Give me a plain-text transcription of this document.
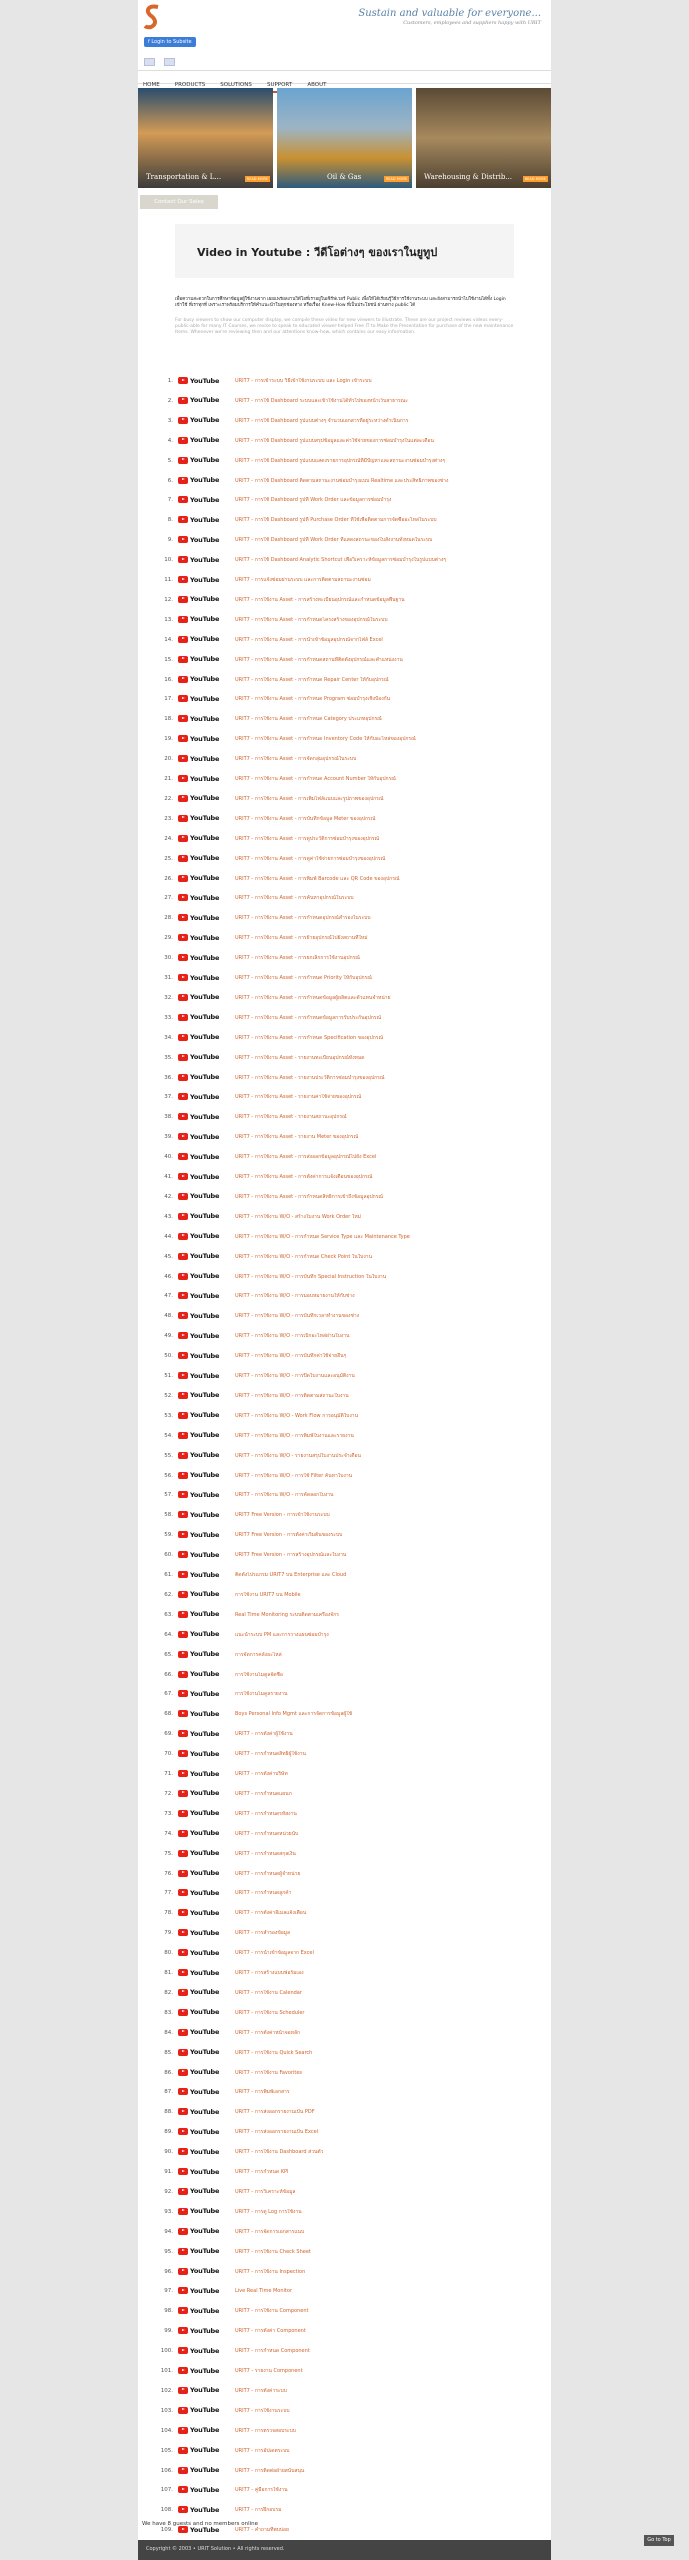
Sustain and valuable for everyone...
Customers, employees and suppliers happy with URIT
f Login to Subsite

HOME	PRODUCTS	SOLUTIONS	SUPPORT	ABOUT
Transportation & L...	READ MORE	Oil & Gas	READ MORE Warehousing & Distrib...	READ MORE
Contact Our Sales
Video in Youtube : วีดีโอต่างๆ ของเราในยูทูป
เพื่อความสะดวกในการศึกษาข้อมูลผู้ใช้งานจาก เผยแพร่ผลงานวิดีโอที่เราอยู่ในเซิร์ฟเวอร์ Public เพื่อให้ได้เรียนรู้วิธีการใช้งานระบบ และยังสามารถนำไปใช้งานได้ทั้ง Login เข้าใช้ ที่เราทุกที่ เพราะเราพร้อมบริการให้คำแนะนำในทุกช่องทาง หรือเรื่อง Knew-How ที่เป็นประโยชน์ ผ่านทาง public ได้
For busy viewers to show our computer display, we compile these video for new viewers to illustrate. These are our project reviews videos every-public-able for many IT Courses, we revise to speak to educated viewer-helped Free IT to Make the Presentation for purchase of the new maintenance Items. Whenever we're reviewing then and our attentions know-how, which contains our easy information.
1.	YouTube	URIT7 - การเข้าระบบ วิธีเข้าใช้งานระบบ และ Login เข้าระบบ
2.	YouTube	URIT7 - การใช้ Dashboard ระบบและเข้าใช้งานได้ทั่วไปของหน้าเว็บสาธารณะ
3.	YouTube	URIT7 - การใช้ Dashboard รูปแบบต่างๆ จำนวนเอกสารที่อยู่ระหว่างดำเนินการ
4.	YouTube	URIT7 - การใช้ Dashboard รูปแบบสรุปข้อมูลและค่าใช้จ่ายของการซ่อมบำรุงในแต่ละเดือน
5.	YouTube	URIT7 - การใช้ Dashboard รูปแบบแสดงรายการอุปกรณ์ที่มีปัญหาและสถานะงานซ่อมบำรุงต่างๆ
6.	YouTube	URIT7 - การใช้ Dashboard ติดตามสถานะงานซ่อมบำรุงแบบ Realtime และประสิทธิภาพของช่าง
7.	YouTube	URIT7 - การใช้ Dashboard รูปที่ Work Order และข้อมูลการซ่อมบำรุง
8.	YouTube	URIT7 - การใช้ Dashboard รูปที่ Purchase Order ที่ใช้เพื่อติดตามการจัดซื้ออะไหล่ในระบบ
9.	YouTube	URIT7 - การใช้ Dashboard รูปที่ Work Order ที่แสดงสถานะของใบสั่งงานทั้งหมดในระบบ
10.	YouTube	URIT7 - การใช้ Dashboard Analytic Shortcut เพื่อวิเคราะห์ข้อมูลการซ่อมบำรุงในรูปแบบต่างๆ
11.	YouTube	URIT7 - การแจ้งซ่อมผ่านระบบ และการติดตามสถานะงานซ่อม
12.	YouTube	URIT7 - การใช้งาน Asset - การสร้างทะเบียนอุปกรณ์และกำหนดข้อมูลพื้นฐาน
13.	YouTube	URIT7 - การใช้งาน Asset - การกำหนดโครงสร้างของอุปกรณ์ในระบบ
14.	YouTube	URIT7 - การใช้งาน Asset - การนำเข้าข้อมูลอุปกรณ์จากไฟล์ Excel
15.	YouTube	URIT7 - การใช้งาน Asset - การกำหนดสถานที่ติดตั้งอุปกรณ์และตำแหน่งงาน
16.	YouTube	URIT7 - การใช้งาน Asset - การกำหนด Repair Center ให้กับอุปกรณ์
17.	YouTube	URIT7 - การใช้งาน Asset - การกำหนด Program ซ่อมบำรุงเชิงป้องกัน
18.	YouTube	URIT7 - การใช้งาน Asset - การกำหนด Category ประเภทอุปกรณ์
19.	YouTube	URIT7 - การใช้งาน Asset - การกำหนด Inventory Code ให้กับอะไหล่ของอุปกรณ์
20.	YouTube	URIT7 - การใช้งาน Asset - การจัดกลุ่มอุปกรณ์ในระบบ
21.	YouTube	URIT7 - การใช้งาน Asset - การกำหนด Account Number ให้กับอุปกรณ์
22.	YouTube	URIT7 - การใช้งาน Asset - การเพิ่มไฟล์แนบและรูปภาพของอุปกรณ์
23.	YouTube	URIT7 - การใช้งาน Asset - การบันทึกข้อมูล Meter ของอุปกรณ์
24.	YouTube	URIT7 - การใช้งาน Asset - การดูประวัติการซ่อมบำรุงของอุปกรณ์
25.	YouTube	URIT7 - การใช้งาน Asset - การดูค่าใช้จ่ายการซ่อมบำรุงของอุปกรณ์
26.	YouTube	URIT7 - การใช้งาน Asset - การพิมพ์ Barcode และ QR Code ของอุปกรณ์
27.	YouTube	URIT7 - การใช้งาน Asset - การค้นหาอุปกรณ์ในระบบ
28.	YouTube	URIT7 - การใช้งาน Asset - การกำหนดอุปกรณ์สำรองในระบบ
29.	YouTube	URIT7 - การใช้งาน Asset - การย้ายอุปกรณ์ไปยังสถานที่ใหม่
30.	YouTube	URIT7 - การใช้งาน Asset - การยกเลิกการใช้งานอุปกรณ์
31.	YouTube	URIT7 - การใช้งาน Asset - การกำหนด Priority ให้กับอุปกรณ์
32.	YouTube	URIT7 - การใช้งาน Asset - การกำหนดข้อมูลผู้ผลิตและตัวแทนจำหน่าย
33.	YouTube	URIT7 - การใช้งาน Asset - การกำหนดข้อมูลการรับประกันอุปกรณ์
34.	YouTube	URIT7 - การใช้งาน Asset - การกำหนด Specification ของอุปกรณ์
35.	YouTube	URIT7 - การใช้งาน Asset - รายงานทะเบียนอุปกรณ์ทั้งหมด
36.	YouTube	URIT7 - การใช้งาน Asset - รายงานประวัติการซ่อมบำรุงของอุปกรณ์
37.	YouTube	URIT7 - การใช้งาน Asset - รายงานค่าใช้จ่ายของอุปกรณ์
38.	YouTube	URIT7 - การใช้งาน Asset - รายงานสถานะอุปกรณ์
39.	YouTube	URIT7 - การใช้งาน Asset - รายงาน Meter ของอุปกรณ์
40.	YouTube	URIT7 - การใช้งาน Asset - การส่งออกข้อมูลอุปกรณ์ไปยัง Excel
41.	YouTube	URIT7 - การใช้งาน Asset - การตั้งค่าการแจ้งเตือนของอุปกรณ์
42.	YouTube	URIT7 - การใช้งาน Asset - การกำหนดสิทธิ์การเข้าถึงข้อมูลอุปกรณ์
43.	YouTube	URIT7 - การใช้งาน W/O - สร้างใบงาน Work Order ใหม่
44.	YouTube	URIT7 - การใช้งาน W/O - การกำหนด Service Type และ Maintenance Type
45.	YouTube	URIT7 - การใช้งาน W/O - การกำหนด Check Point ในใบงาน
46.	YouTube	URIT7 - การใช้งาน W/O - การบันทึก Special Instruction ในใบงาน
47.	YouTube	URIT7 - การใช้งาน W/O - การมอบหมายงานให้กับช่าง
48.	YouTube	URIT7 - การใช้งาน W/O - การบันทึกเวลาทำงานของช่าง
49.	YouTube	URIT7 - การใช้งาน W/O - การเบิกอะไหล่ผ่านใบงาน
50.	YouTube	URIT7 - การใช้งาน W/O - การบันทึกค่าใช้จ่ายอื่นๆ
51.	YouTube	URIT7 - การใช้งาน W/O - การปิดใบงานและอนุมัติงาน
52.	YouTube	URIT7 - การใช้งาน W/O - การติดตามสถานะใบงาน
53.	YouTube	URIT7 - การใช้งาน W/O - Work Flow การอนุมัติใบงาน
54.	YouTube	URIT7 - การใช้งาน W/O - การพิมพ์ใบงานและรายงาน
55.	YouTube	URIT7 - การใช้งาน W/O - รายงานสรุปใบงานประจำเดือน
56.	YouTube	URIT7 - การใช้งาน W/O - การใช้ Filter ค้นหาใบงาน
57.	YouTube	URIT7 - การใช้งาน W/O - การคัดลอกใบงาน
58.	YouTube	URIT7 Free Version - การเข้าใช้งานระบบ
59.	YouTube	URIT7 Free Version - การตั้งค่าเริ่มต้นของระบบ
60.	YouTube	URIT7 Free Version - การสร้างอุปกรณ์และใบงาน
61.	YouTube	ติดตั้งโปรแกรม URIT7 บน Enterprise และ Cloud
62.	YouTube	การใช้งาน URIT7 บน Mobile
63.	YouTube	Real Time Monitoring ระบบติดตามเครื่องจักร
64.	YouTube	แนะนำระบบ PM และการวางแผนซ่อมบำรุง
65.	YouTube	การจัดการคลังอะไหล่
66.	YouTube	การใช้งานโมดูลจัดซื้อ
67.	YouTube	การใช้งานโมดูลรายงาน
68.	YouTube	Boys Personal Info Mgmt และการจัดการข้อมูลผู้ใช้
69.	YouTube	URIT7 - การตั้งค่าผู้ใช้งาน
70.	YouTube	URIT7 - การกำหนดสิทธิ์ผู้ใช้งาน
71.	YouTube	URIT7 - การตั้งค่าบริษัท
72.	YouTube	URIT7 - การกำหนดแผนก
73.	YouTube	URIT7 - การกำหนดรหัสงาน
74.	YouTube	URIT7 - การกำหนดหน่วยนับ
75.	YouTube	URIT7 - การกำหนดสกุลเงิน
76.	YouTube	URIT7 - การกำหนดผู้จำหน่าย
77.	YouTube	URIT7 - การกำหนดลูกค้า
78.	YouTube	URIT7 - การตั้งค่าอีเมลแจ้งเตือน
79.	YouTube	URIT7 - การสำรองข้อมูล
80.	YouTube	URIT7 - การนำเข้าข้อมูลจาก Excel
81.	YouTube	URIT7 - การสร้างแบบฟอร์มเอง
82.	YouTube	URIT7 - การใช้งาน Calendar
83.	YouTube	URIT7 - การใช้งาน Scheduler
84.	YouTube	URIT7 - การตั้งค่าหน้าจอหลัก
85.	YouTube	URIT7 - การใช้งาน Quick Search
86.	YouTube	URIT7 - การใช้งาน Favorites
87.	YouTube	URIT7 - การพิมพ์เอกสาร
88.	YouTube	URIT7 - การส่งออกรายงานเป็น PDF
89.	YouTube	URIT7 - การส่งออกรายงานเป็น Excel
90.	YouTube	URIT7 - การใช้งาน Dashboard ส่วนตัว
91.	YouTube	URIT7 - การกำหนด KPI
92.	YouTube	URIT7 - การวิเคราะห์ข้อมูล
93.	YouTube	URIT7 - การดู Log การใช้งาน
94.	YouTube	URIT7 - การจัดการเอกสารแนบ
95.	YouTube	URIT7 - การใช้งาน Check Sheet
96.	YouTube	URIT7 - การใช้งาน Inspection
97.	YouTube	Live Real Time Monitor
98.	YouTube	URIT7 - การใช้งาน Component
99.	YouTube	URIT7 - การตั้งค่า Component
100.	YouTube	URIT7 - การกำหนด Component
101.	YouTube	URIT7 - รายงาน Component
102.	YouTube	URIT7 - การตั้งค่าระบบ
103.	YouTube	URIT7 - การใช้งานระบบ
104.	YouTube	URIT7 - การตรวจสอบระบบ
105.	YouTube	URIT7 - การอัปเดตระบบ
106.	YouTube	URIT7 - การติดต่อฝ่ายสนับสนุน
107.	YouTube	URIT7 - คู่มือการใช้งาน
108.	YouTube	URIT7 - การฝึกอบรม
109.	YouTube	URIT7 - คำถามที่พบบ่อย
We have 8 guests and no members online
Copyright © 2003 • URIT Solution • All rights reserved.
Go to Top
